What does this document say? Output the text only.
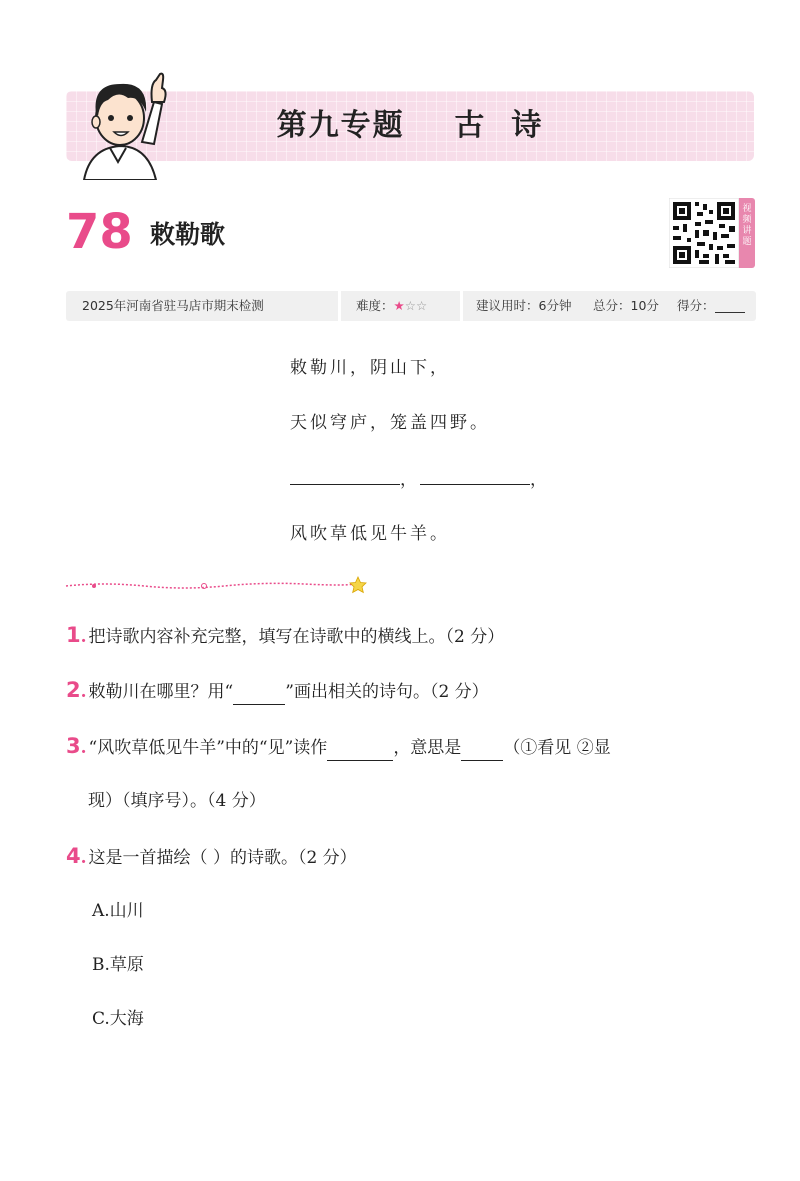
第九专题    古  诗
78 敕勒歌
视频讲题
2025年河南省驻马店市期末检测	难度：★☆☆	建议用时：6分钟 总分：10分 得分：
敕勒川，阴山下，
天似穹庐，笼盖四野。
，	，
风吹草低见牛羊。
1. 把诗歌内容补充完整，填写在诗歌中的横线上。（2 分）
2. 敕勒川在哪里？用“	”画出相关的诗句。（2 分）
3. “风吹草低见牛羊”中的“见”读作	，意思是 （①看见 ②显
现）（填序号）。（4 分）
4. 这是一首描绘（ ）的诗歌。（2 分）
A.山川
B.草原
C.大海
